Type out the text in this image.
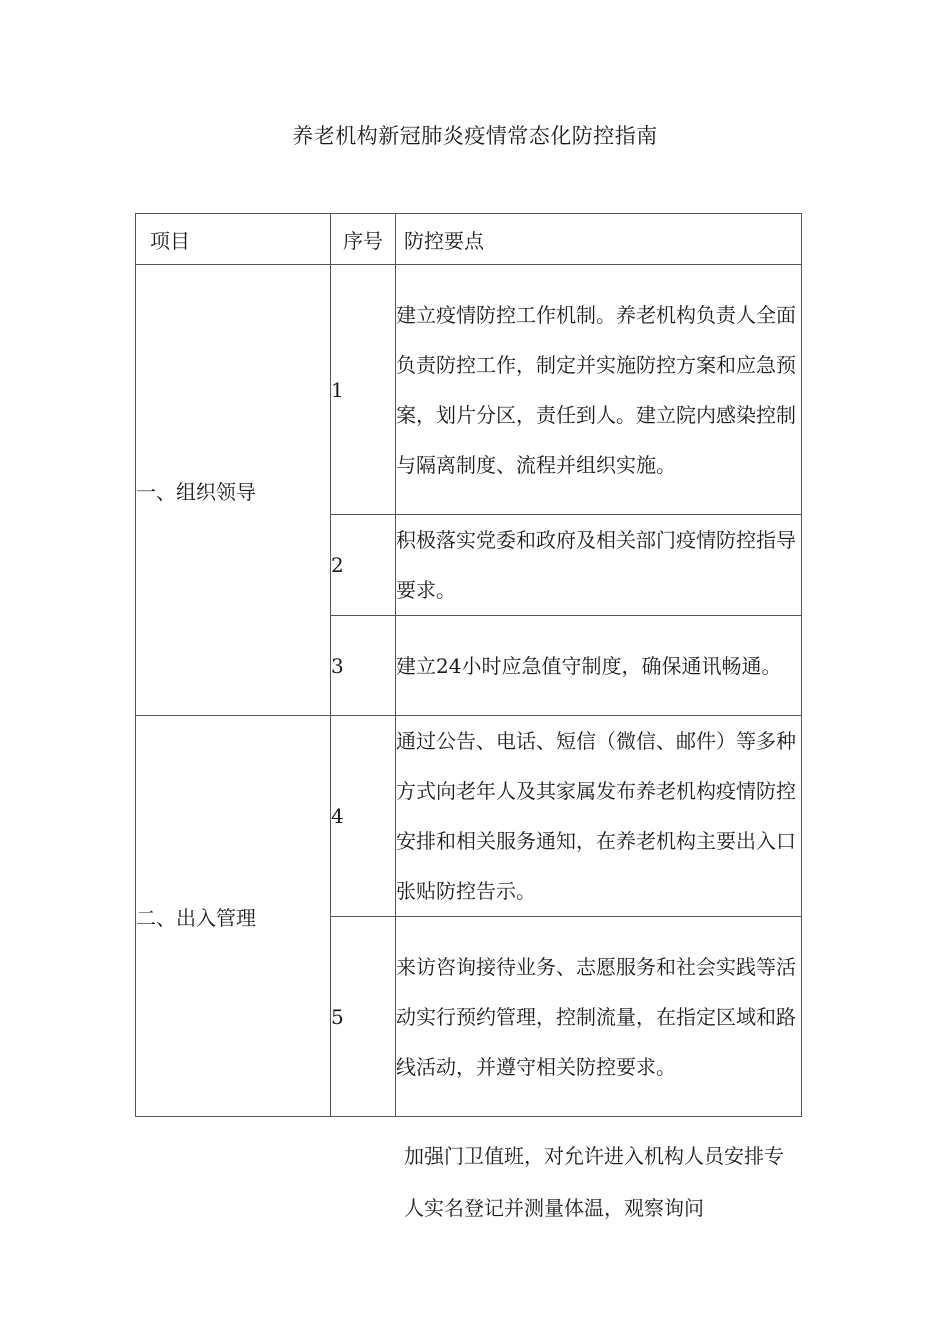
养老机构新冠肺炎疫情常态化防控指南
项目	序号	防控要点
一、组织领导	1	建立疫情防控工作机制。养老机构负责人全面负责防控工作，制定并实施防控方案和应急预案，划片分区，责任到人。建立院内感染控制与隔离制度、流程并组织实施。
	2	积极落实党委和政府及相关部门疫情防控指导要求。
	3	建立24小时应急值守制度，确保通讯畅通。
二、出入管理	4	通过公告、电话、短信（微信、邮件）等多种方式向老年人及其家属发布养老机构疫情防控安排和相关服务通知，在养老机构主要出入口张贴防控告示。
	5	来访咨询接待业务、志愿服务和社会实践等活动实行预约管理，控制流量，在指定区域和路线活动，并遵守相关防控要求。
加强门卫值班，对允许进入机构人员安排专人实名登记并测量体温，观察询问
